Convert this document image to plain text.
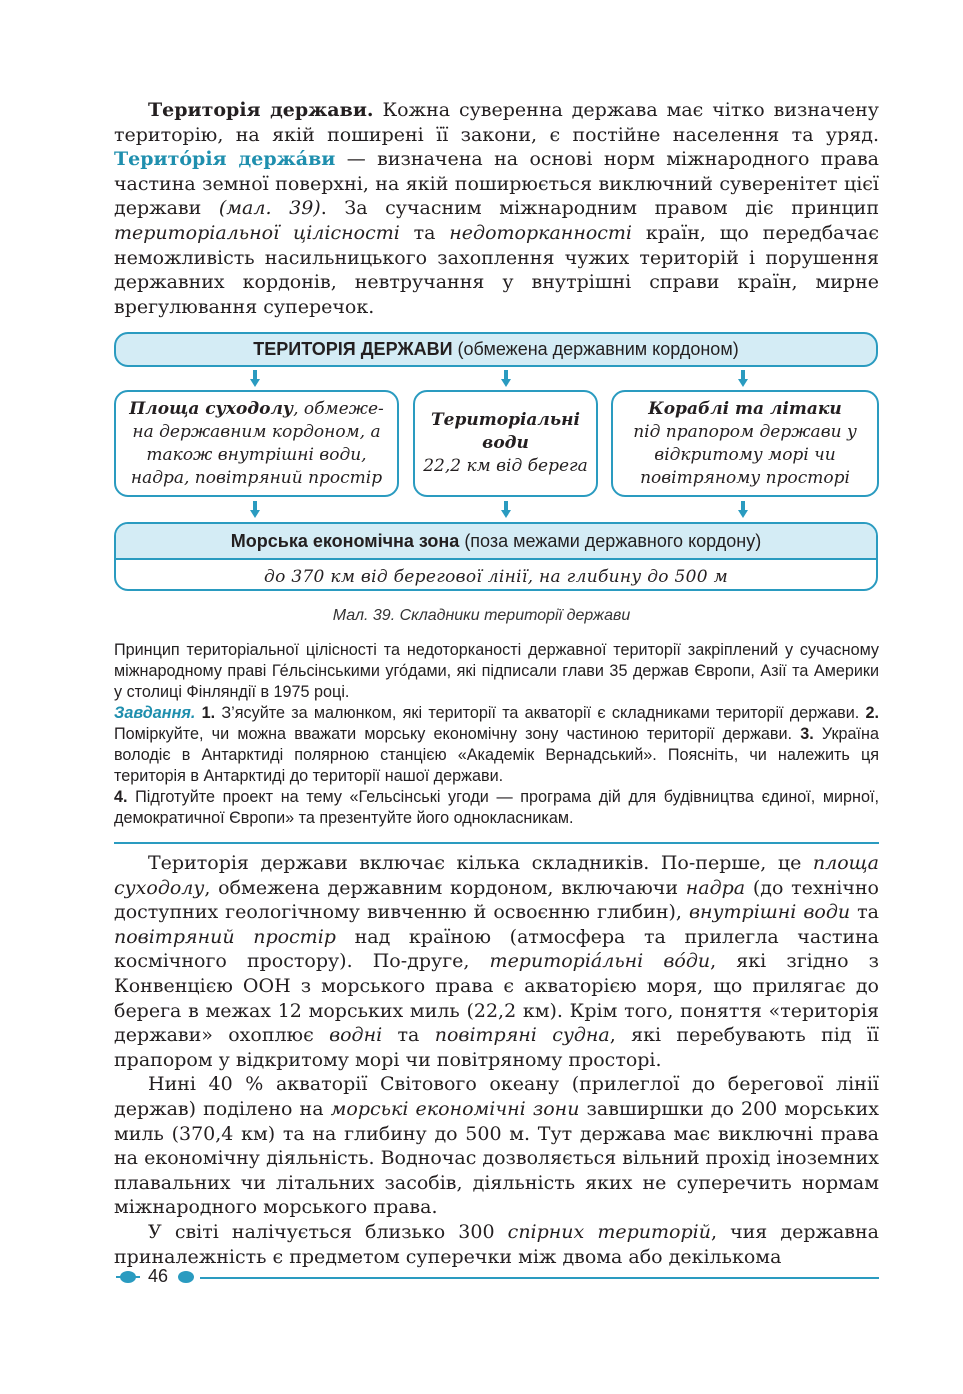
Територія держави. Кожна суверенна держава має чітко визначену територію, на якій поширені її закони, є постійне населення та уряд. Терито́рія держа́ви — визначена на основі норм міжнародного права частина земної поверхні, на якій поширюється виключний суверенітет цієї держави (мал. 39). За сучасним міжнародним правом діє принцип територіальної цілісності та недоторканності країн, що передбачає неможливість насильницького захоплення чужих територій і порушення державних кордонів, невтручання у внутрішні справи країн, мирне врегулювання суперечок.

ТЕРИТОРІЯ ДЕРЖАВИ (обмежена державним кордоном)
Площа суходолу, обмеже-на державним кордоном, а також внутрішні води, надра, повітряний простір
Територіальні води
22,2 км від берега
Кораблі та літаки
під прапором держави у відкритому морі чи повітряному просторі
Морська економічна зона (поза межами державного кордону)
до 370 км від берегової лінії, на глибину до 500 м
Мал. 39. Складники території держави

Принцип територіальної цілісності та недоторканості державної території закріплений у сучасному міжнародному праві Ге́льсінськими уго́дами, які підписали глави 35 держав Європи, Азії та Америки у столиці Фінляндії в 1975 році.

Завдання. 1. З’ясуйте за малюнком, які території та акваторії є складниками території держави. 2. Поміркуйте, чи можна вважати морську економічну зону частиною території держави. 3. Україна володіє в Антарктиді полярною станцією «Академік Вернадський». Поясніть, чи належить ця територія в Антарктиді до території нашої держави.
4. Підготуйте проект на тему «Гельсінські угоди — програма дій для будівництва єдиної, мирної, демократичної Європи» та презентуйте його однокласникам.

Територія держави включає кілька складників. По-перше, це площа суходолу, обмежена державним кордоном, включаючи надра (до технічно доступних геологічному вивченню й освоєнню глибин), внутрішні води та повітряний простір над країною (атмосфера та прилегла частина космічного простору). По-друге, територіа́льні во́ди, які згідно з Конвенцією ООН з морського права є акваторією моря, що прилягає до берега в межах 12 морських миль (22,2 км). Крім того, поняття «територія держави» охоплює водні та повітряні судна, які перебувають під її прапором у відкритому морі чи повітряному просторі.

Нині 40 % акваторії Світового океану (прилеглої до берегової лінії держав) поділено на морські економічні зони завширшки до 200 морських миль (370,4 км) та на глибину до 500 м. Тут держава має виключні права на економічну діяльність. Водночас дозволяється вільний прохід іноземних плавальних чи літальних засобів, діяльність яких не суперечить нормам міжнародного морського права.

У світі налічується близько 300 спірних територій, чия державна приналежність є предметом суперечки між двома або декількома

46
